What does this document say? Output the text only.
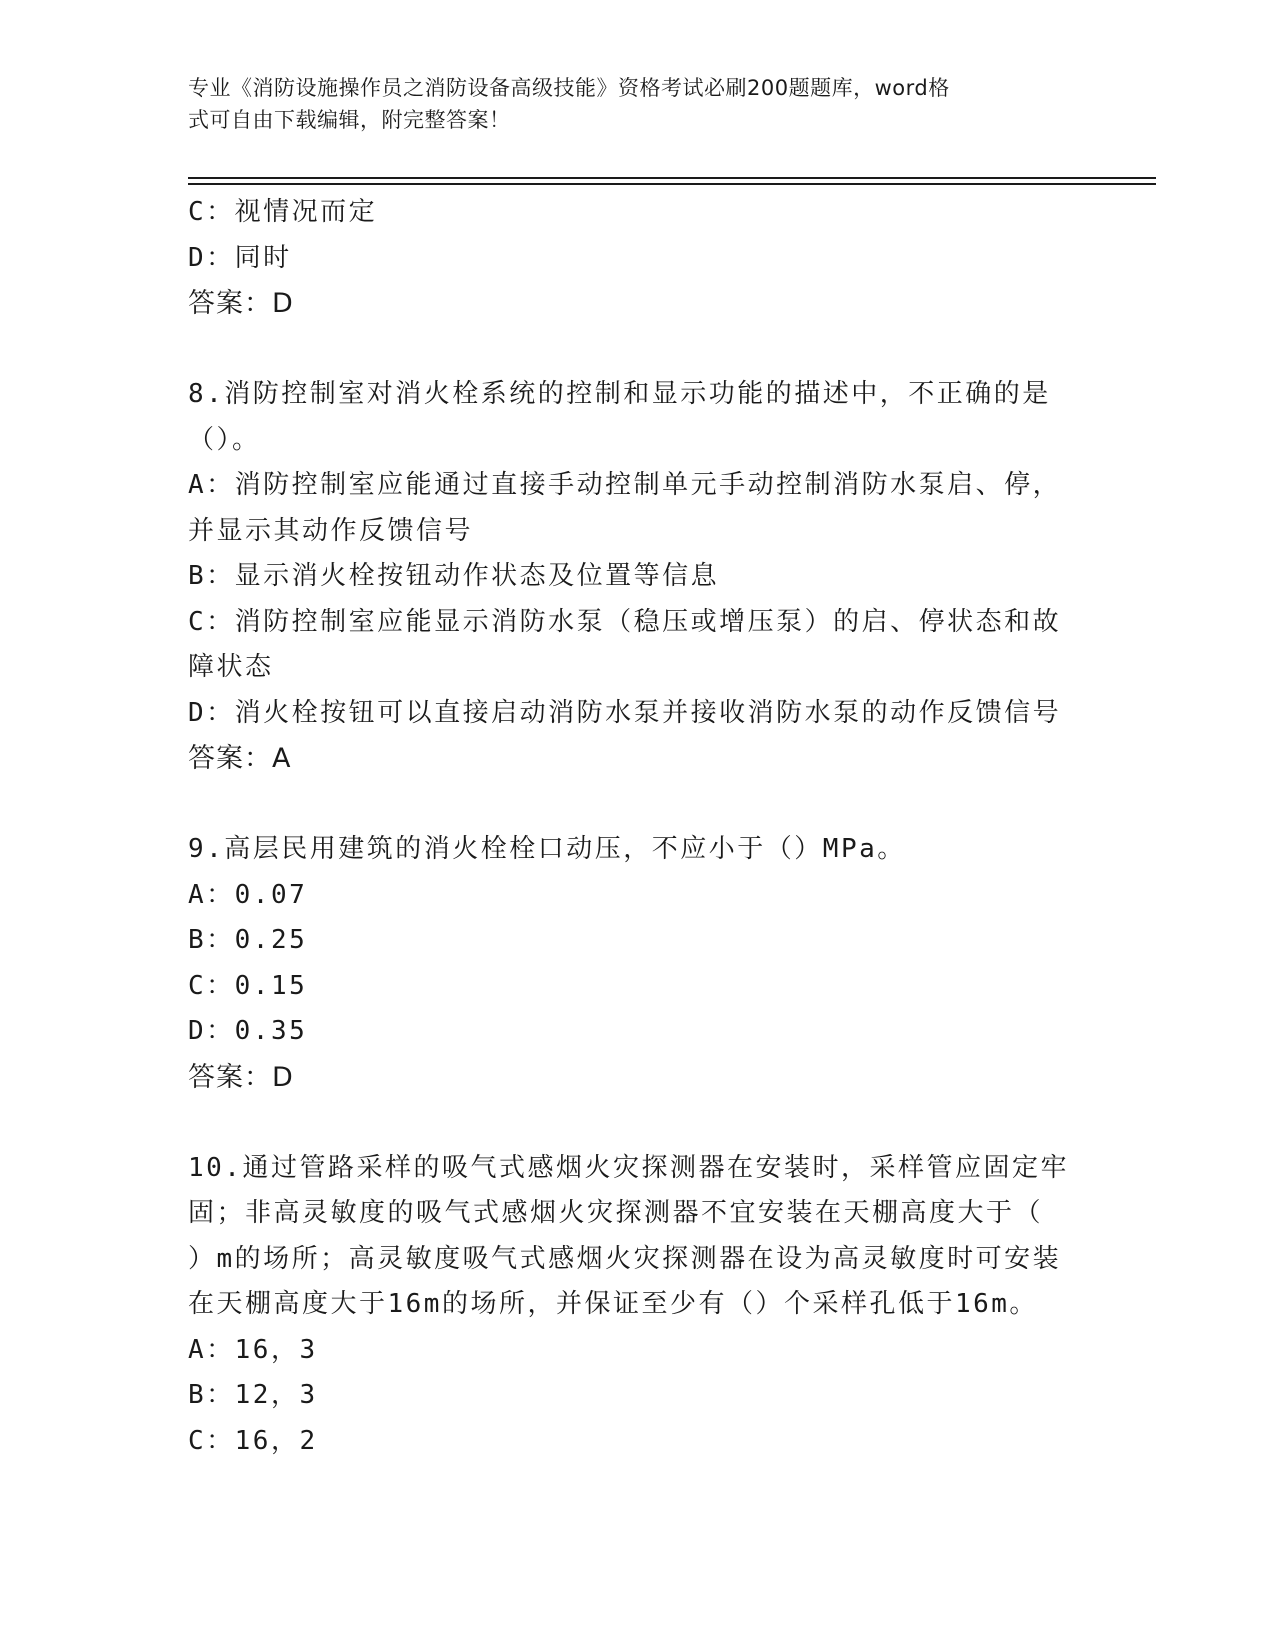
专业《消防设施操作员之消防设备高级技能》资格考试必刷200题题库，word格
式可自由下载编辑，附完整答案！
C：视情况而定
D：同时
答案：D
8.消防控制室对消火栓系统的控制和显示功能的描述中，不正确的是
（）。
A：消防控制室应能通过直接手动控制单元手动控制消防水泵启、停，
并显示其动作反馈信号
B：显示消火栓按钮动作状态及位置等信息
C：消防控制室应能显示消防水泵（稳压或增压泵）的启、停状态和故
障状态
D：消火栓按钮可以直接启动消防水泵并接收消防水泵的动作反馈信号
答案：A
9.高层民用建筑的消火栓栓口动压，不应小于（）MPa。
A：0.07
B：0.25
C：0.15
D：0.35
答案：D
10.通过管路采样的吸气式感烟火灾探测器在安装时，采样管应固定牢
固；非高灵敏度的吸气式感烟火灾探测器不宜安装在天棚高度大于（
）m的场所；高灵敏度吸气式感烟火灾探测器在设为高灵敏度时可安装
在天棚高度大于16m的场所，并保证至少有（）个采样孔低于16m。
A：16，3
B：12，3
C：16，2
